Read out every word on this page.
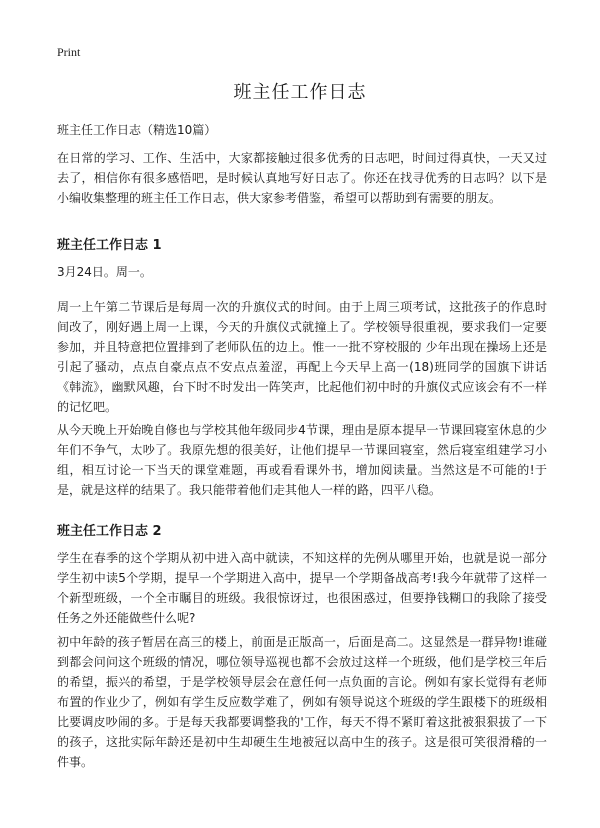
Print
班主任工作日志
班主任工作日志（精选10篇）

在日常的学习、工作、生活中，大家都接触过很多优秀的日志吧，时间过得真快，一天又过去了，相信你有很多感悟吧，是时候认真地写好日志了。你还在找寻优秀的日志吗？以下是小编收集整理的班主任工作日志，供大家参考借鉴，希望可以帮助到有需要的朋友。

班主任工作日志 1

3月24日。周一。

周一上午第二节课后是每周一次的升旗仪式的时间。由于上周三项考试，这批孩子的作息时间改了，刚好遇上周一上课，今天的升旗仪式就撞上了。学校领导很重视，要求我们一定要参加，并且特意把位置排到了老师队伍的边上。惟一一批不穿校服的 少年出现在操场上还是引起了骚动，点点自豪点点不安点点羞涩，再配上今天早上高一(18)班同学的国旗下讲话《韩流》，幽默风趣，台下时不时发出一阵笑声，比起他们初中时的升旗仪式应该会有不一样的记忆吧。

从今天晚上开始晚自修也与学校其他年级同步4节课，理由是原本提早一节课回寝室休息的少年们不争气，太吵了。我原先想的很美好，让他们提早一节课回寝室，然后寝室组建学习小组，相互讨论一下当天的课堂难题，再或看看课外书，增加阅读量。当然这是不可能的!于是，就是这样的结果了。我只能带着他们走其他人一样的路，四平八稳。

班主任工作日志 2

学生在春季的这个学期从初中进入高中就读，不知这样的先例从哪里开始，也就是说一部分学生初中读5个学期，提早一个学期进入高中，提早一个学期备战高考!我今年就带了这样一个新型班级，一个全市瞩目的班级。我很惊讶过，也很困惑过，但要挣钱糊口的我除了接受任务之外还能做些什么呢?

初中年龄的孩子暂居在高三的楼上，前面是正版高一，后面是高二。这显然是一群异物!谁碰到都会问问这个班级的情况，哪位领导巡视也都不会放过这样一个班级，他们是学校三年后的希望，振兴的希望，于是学校领导层会在意任何一点负面的言论。例如有家长觉得有老师布置的作业少了，例如有学生反应数学难了，例如有领导说这个班级的学生跟楼下的班级相比要调皮吵闹的多。于是每天我都要调整我的'工作，每天不得不紧盯着这批被狠狠拔了一下的孩子，这批实际年龄还是初中生却硬生生地被冠以高中生的孩子。这是很可笑很滑稽的一件事。
